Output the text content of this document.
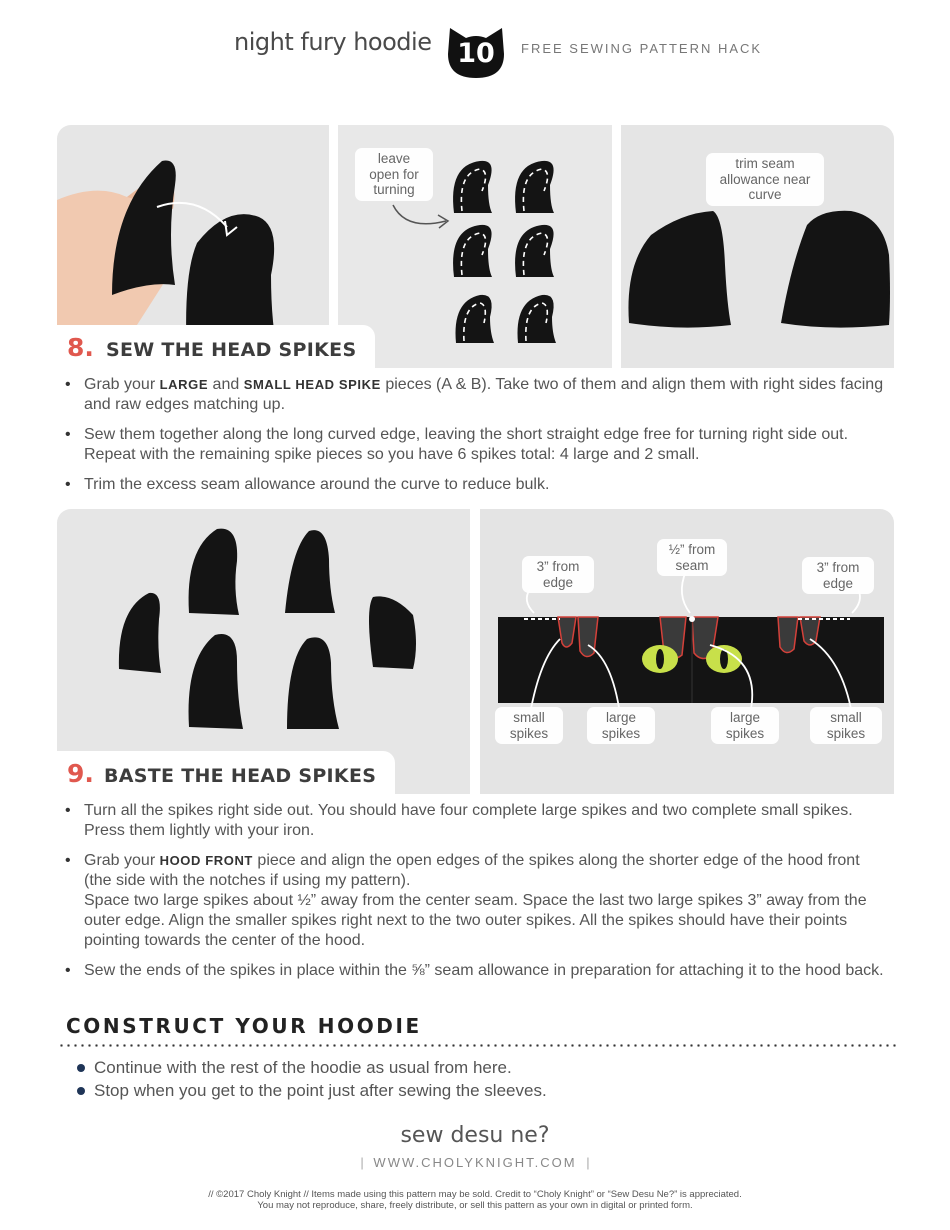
night fury hoodie 10	FREE SEWING PATTERN HACK
leave open for turning
trim seam allowance near curve
8. SEW THE HEAD SPIKES
• Grab your LARGE and SMALL HEAD SPIKE pieces (A & B). Take two of them and align them with right sides facing and raw edges matching up.
• Sew them together along the long curved edge, leaving the short straight edge free for turning right side out. Repeat with the remaining spike pieces so you have 6 spikes total: 4 large and 2 small.
• Trim the excess seam allowance around the curve to reduce bulk.
3” from edge
½” from seam	3” from edge
small spikes
large spikes
large spikes
small spikes
9. BASTE THE HEAD SPIKES
• Turn all the spikes right side out. You should have four complete large spikes and two complete small spikes. Press them lightly with your iron.
• Grab your HOOD FRONT piece and align the open edges of the spikes along the shorter edge of the hood front (the side with the notches if using my pattern).
Space two large spikes about ½” away from the center seam. Space the last two large spikes 3” away from the outer edge. Align the smaller spikes right next to the two outer spikes. All the spikes should have their points pointing towards the center of the hood.
• Sew the ends of the spikes in place within the ⅝” seam allowance in preparation for attaching it to the hood back.
CONSTRUCT YOUR HOODIE
Continue with the rest of the hoodie as usual from here.
Stop when you get to the point just after sewing the sleeves.
sew desu ne?
| WWW.CHOLYKNIGHT.COM |
// ©2017 Choly Knight // Items made using this pattern may be sold. Credit to “Choly Knight” or “Sew Desu Ne?” is appreciated.
You may not reproduce, share, freely distribute, or sell this pattern as your own in digital or printed form.
